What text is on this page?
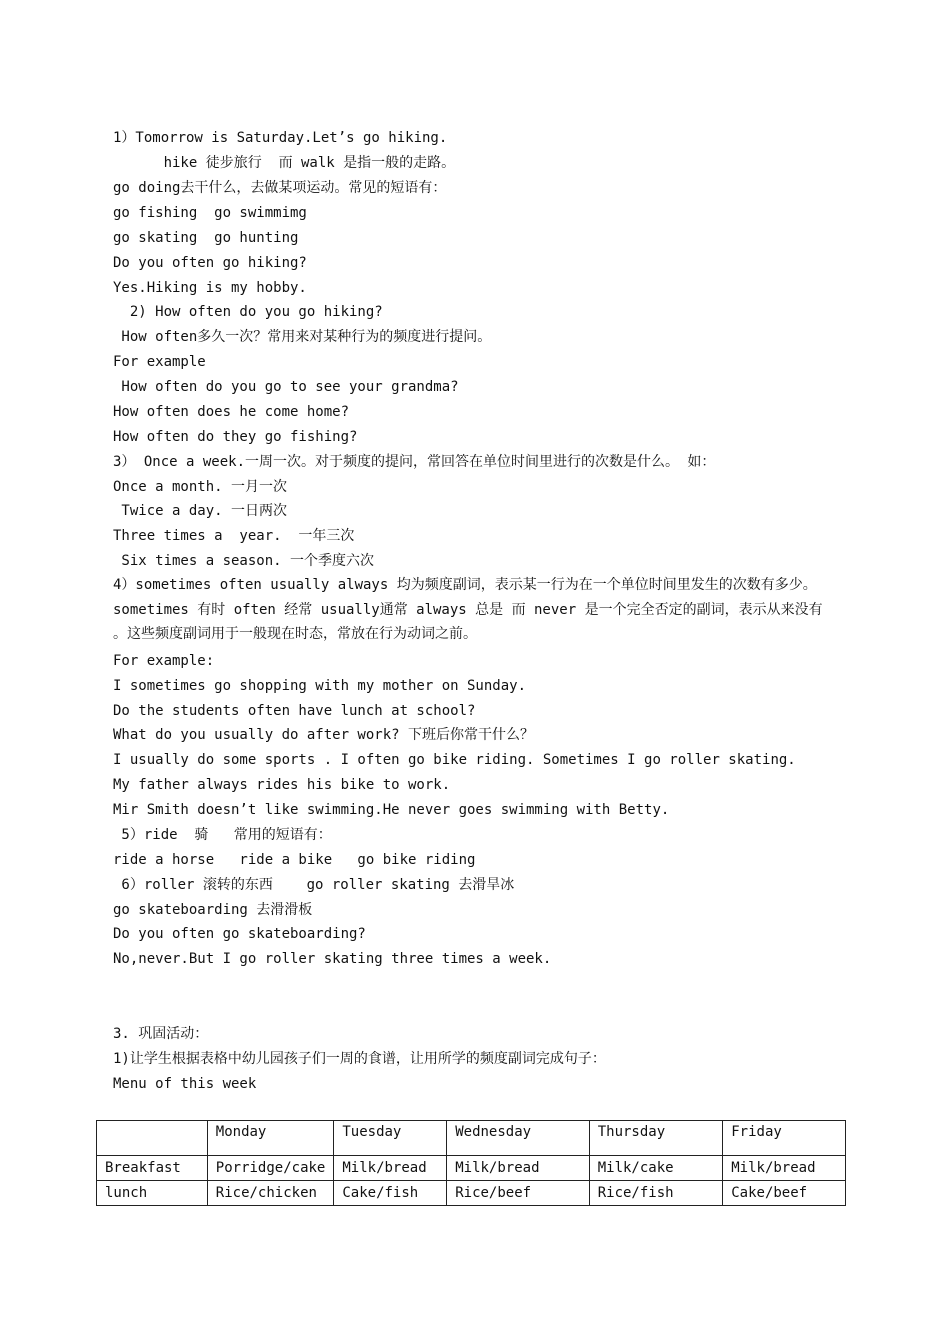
1）Tomorrow is Saturday.Let’s go hiking.
hike 徒步旅行  而 walk 是指一般的走路。
go doing去干什么，去做某项运动。常见的短语有：
go fishing  go swimmimg
go skating  go hunting
Do you often go hiking?
Yes.Hiking is my hobby.
2) How often do you go hiking?
How often多久一次？常用来对某种行为的频度进行提问。
For example
How often do you go to see your grandma?
How often does he come home?
How often do they go fishing?
3） Once a week.一周一次。对于频度的提问，常回答在单位时间里进行的次数是什么。 如：
Once a month. 一月一次
Twice a day. 一日两次
Three times a  year.  一年三次
Six times a season. 一个季度六次
4）sometimes often usually always 均为频度副词，表示某一行为在一个单位时间里发生的次数有多少。sometimes 有时 often 经常 usually通常 always 总是 而 never 是一个完全否定的副词，表示从来没有 。这些频度副词用于一般现在时态，常放在行为动词之前。
For example:
I sometimes go shopping with my mother on Sunday.
Do the students often have lunch at school?
What do you usually do after work? 下班后你常干什么？
I usually do some sports . I often go bike riding. Sometimes I go roller skating.
My father always rides his bike to work.
Mir Smith doesn’t like swimming.He never goes swimming with Betty.
5）ride  骑   常用的短语有：
ride a horse   ride a bike   go bike riding
6）roller 滚转的东西    go roller skating 去滑旱冰
go skateboarding 去滑滑板
Do you often go skateboarding?
No,never.But I go roller skating three times a week.
3. 巩固活动：
1)让学生根据表格中幼儿园孩子们一周的食谱，让用所学的频度副词完成句子：
Menu of this week
	Monday	Tuesday	Wednesday	Thursday	Friday
Breakfast	Porridge/cake	Milk/bread	Milk/bread	Milk/cake	Milk/bread
lunch	Rice/chicken	Cake/fish	Rice/beef	Rice/fish	Cake/beef
